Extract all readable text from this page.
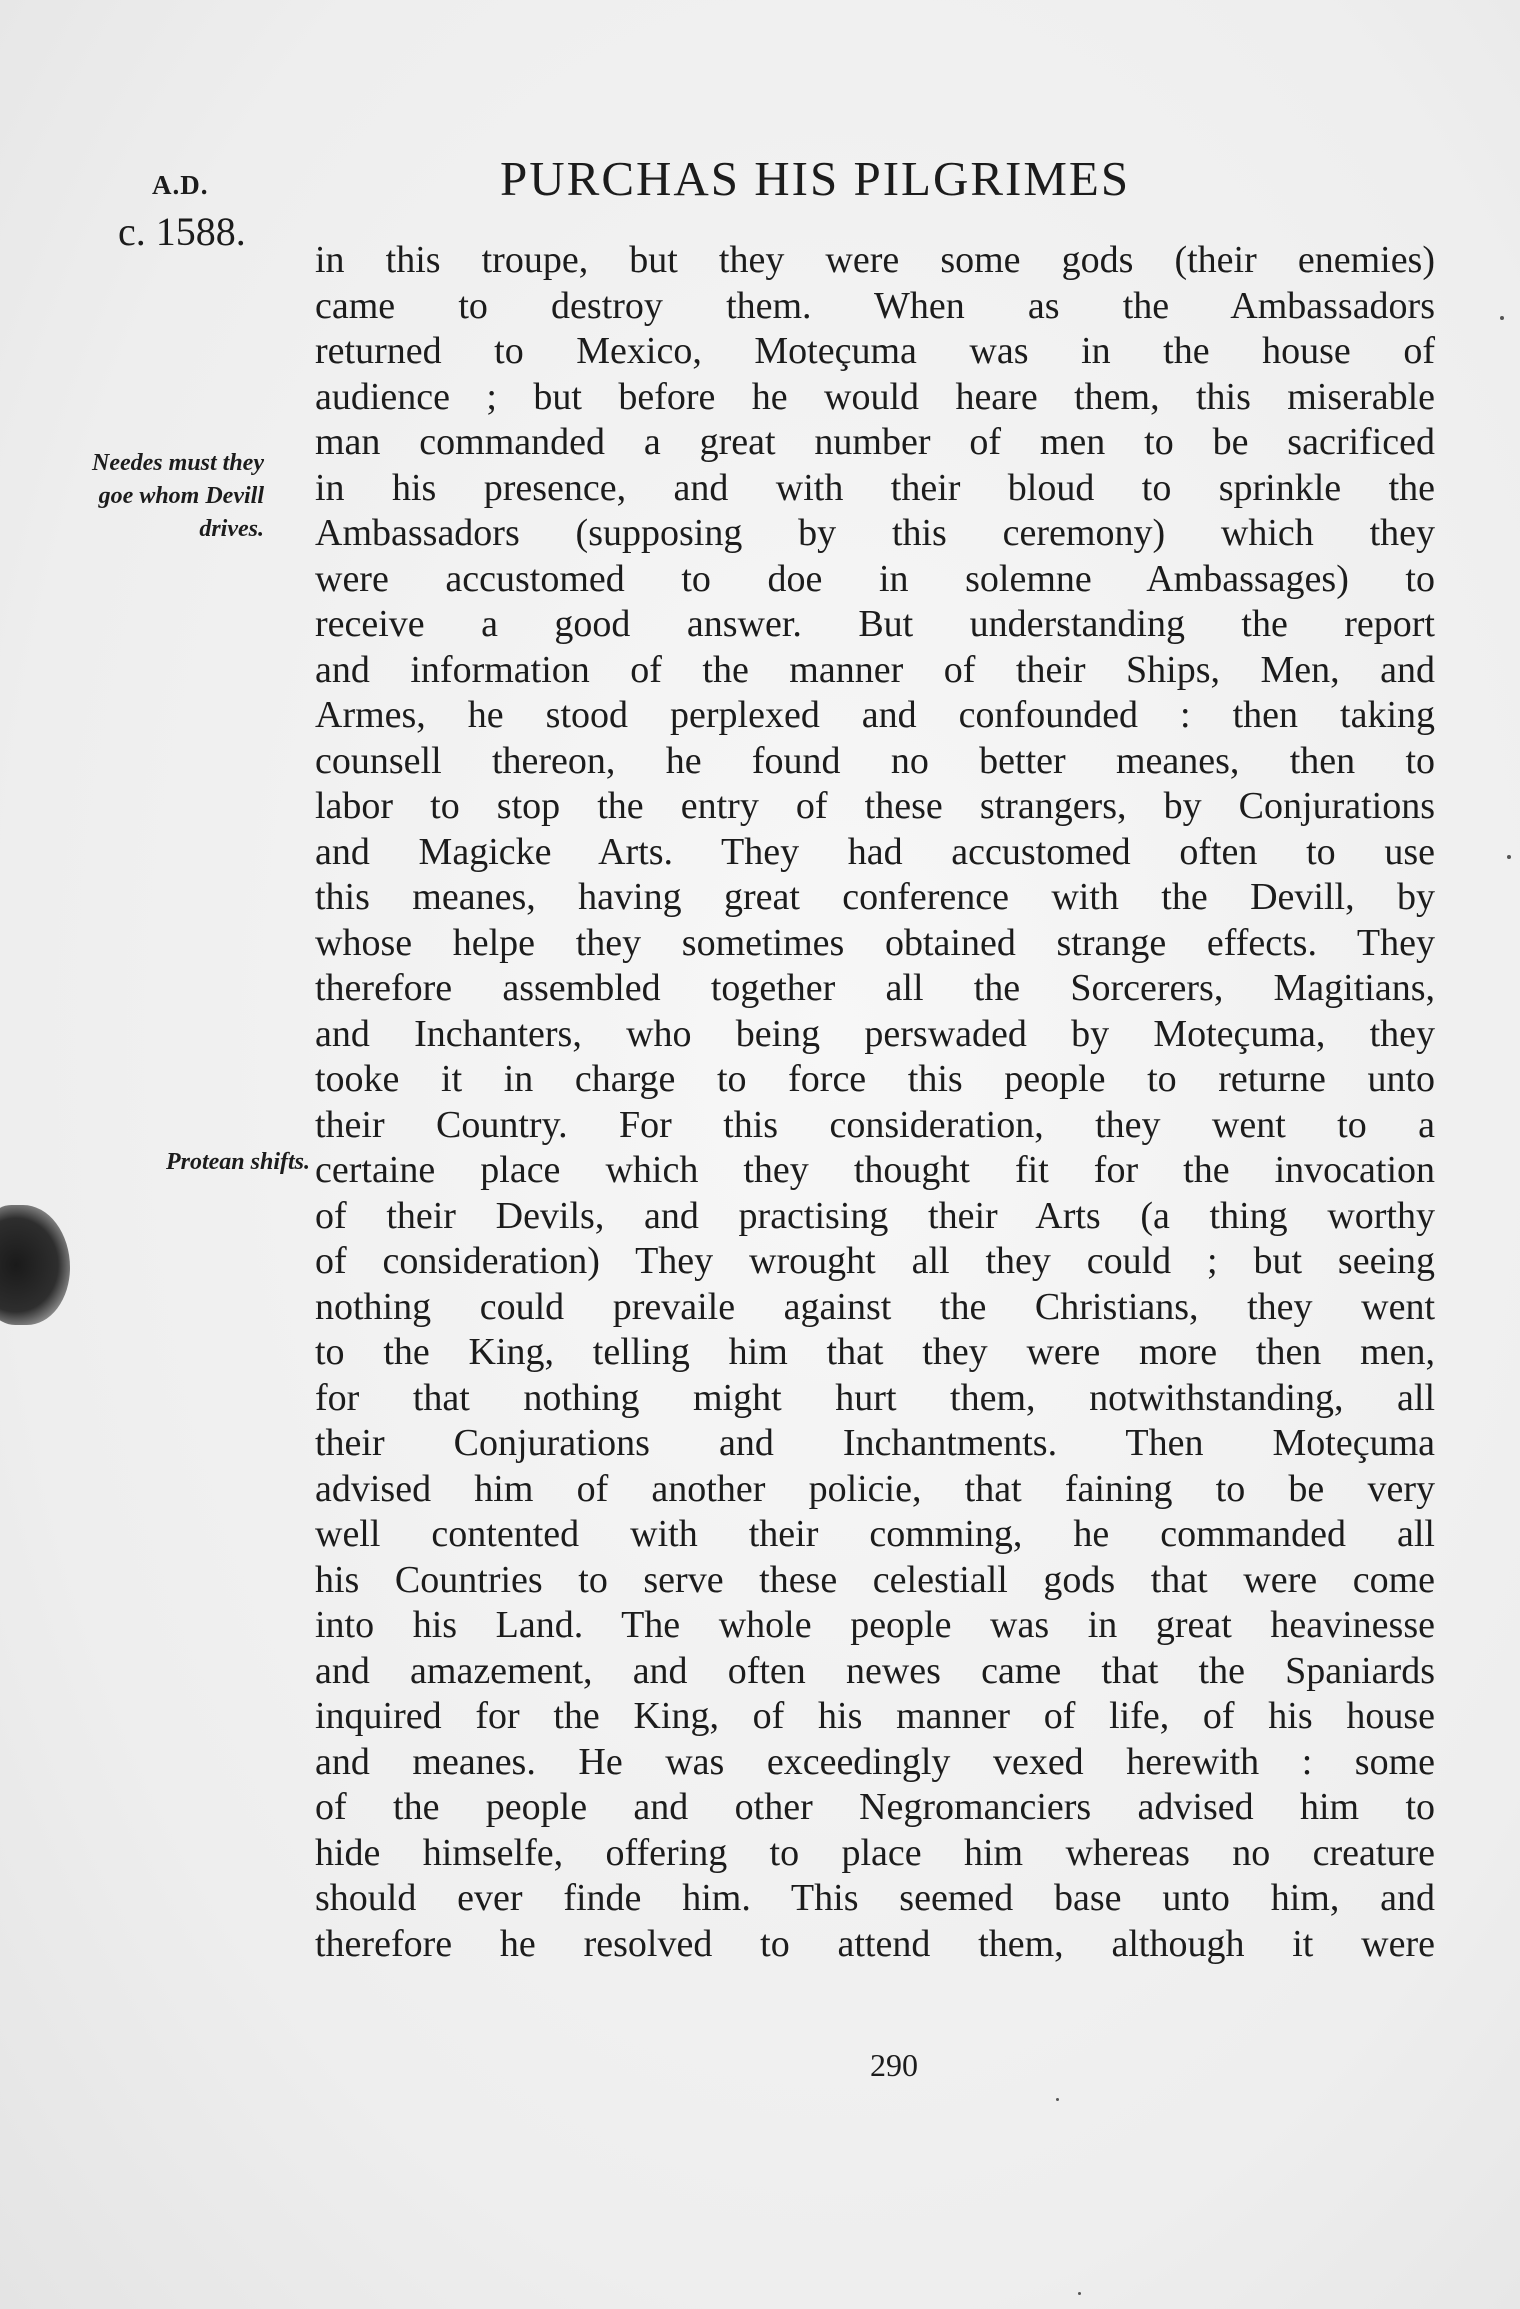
A.D.
c. 1588.
PURCHAS HIS PILGRIMES
Needes must they goe whom Devill drives.
Protean shifts.
in this troupe, but they were some gods (their enemies)
came to destroy them. When as the Ambassadors
returned to Mexico, Moteçuma was in the house of
audience ; but before he would heare them, this miserable
man commanded a great number of men to be sacrificed
in his presence, and with their bloud to sprinkle the
Ambassadors (supposing by this ceremony) which they
were accustomed to doe in solemne Ambassages) to
receive a good answer. But understanding the report
and information of the manner of their Ships, Men, and
Armes, he stood perplexed and confounded : then taking
counsell thereon, he found no better meanes, then to
labor to stop the entry of these strangers, by Conjurations
and Magicke Arts. They had accustomed often to use
this meanes, having great conference with the Devill, by
whose helpe they sometimes obtained strange effects. They
therefore assembled together all the Sorcerers, Magitians,
and Inchanters, who being perswaded by Moteçuma, they
tooke it in charge to force this people to returne unto
their Country. For this consideration, they went to a
certaine place which they thought fit for the invocation
of their Devils, and practising their Arts (a thing worthy
of consideration) They wrought all they could ; but seeing
nothing could prevaile against the Christians, they went
to the King, telling him that they were more then men,
for that nothing might hurt them, notwithstanding, all
their Conjurations and Inchantments. Then Moteçuma
advised him of another policie, that faining to be very
well contented with their comming, he commanded all
his Countries to serve these celestiall gods that were come
into his Land. The whole people was in great heavinesse
and amazement, and often newes came that the Spaniards
inquired for the King, of his manner of life, of his house
and meanes. He was exceedingly vexed herewith : some
of the people and other Negromanciers advised him to
hide himselfe, offering to place him whereas no creature
should ever finde him. This seemed base unto him, and
therefore he resolved to attend them, although it were
290
